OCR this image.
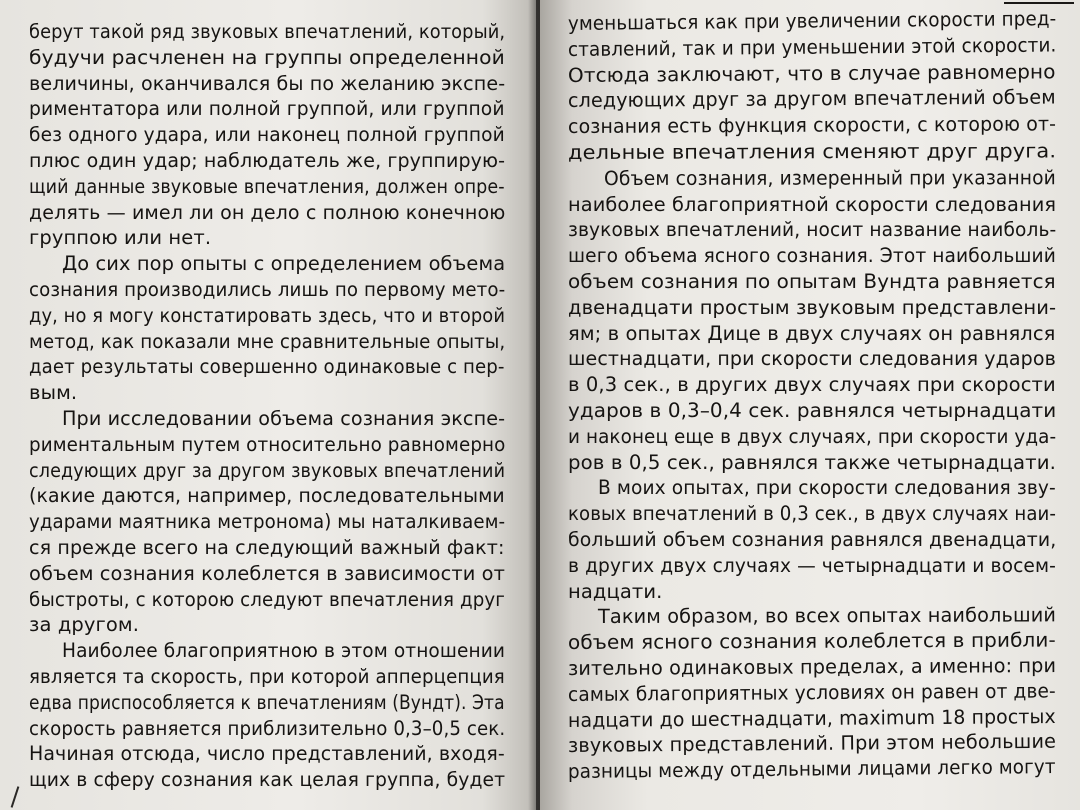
берут такой ряд звуковых впечатлений, который,

будучи расчленен на группы определенной

величины, оканчивался бы по желанию экспе-

риментатора или полной группой, или группой

без одного удара, или наконец полной группой

плюс один удар; наблюдатель же, группирую-

щий данные звуковые впечатления, должен опре-

делять — имел ли он дело с полною конечною

группою или нет.

До сих пор опыты с определением объема

сознания производились лишь по первому мето-

ду, но я могу констатировать здесь, что и второй

метод, как показали мне сравнительные опыты,

дает результаты совершенно одинаковые с пер-

вым.

При исследовании объема сознания экспе-

риментальным путем относительно равномерно

следующих друг за другом звуковых впечатлений

(какие даются, например, последовательными

ударами маятника метронома) мы наталкиваем-

ся прежде всего на следующий важный факт:

объем сознания колеблется в зависимости от

быстроты, с которою следуют впечатления друг

за другом.

Наиболее благоприятною в этом отношении

является та скорость, при которой апперцепция

едва приспособляется к впечатлениям (Вундт). Эта

скорость равняется приблизительно 0,3–0,5 сек.

Начиная отсюда, число представлений, входя-

щих в сферу сознания как целая группа, будет

уменьшаться как при увеличении скорости пред-

ставлений, так и при уменьшении этой скорости.

Отсюда заключают, что в случае равномерно

следующих друг за другом впечатлений объем

сознания есть функция скорости, с которою от-

дельные впечатления сменяют друг друга.

Объем сознания, измеренный при указанной

наиболее благоприятной скорости следования

звуковых впечатлений, носит название наиболь-

шего объема ясного сознания. Этот наибольший

объем сознания по опытам Вундта равняется

двенадцати простым звуковым представлени-

ям; в опытах Дице в двух случаях он равнялся

шестнадцати, при скорости следования ударов

в 0,3 сек., в других двух случаях при скорости

ударов в 0,3–0,4 сек. равнялся четырнадцати

и наконец еще в двух случаях, при скорости уда-

ров в 0,5 сек., равнялся также четырнадцати.

В моих опытах, при скорости следования зву-

ковых впечатлений в 0,3 сек., в двух случаях наи-

больший объем сознания равнялся двенадцати,

в других двух случаях — четырнадцати и восем-

надцати.

Таким образом, во всех опытах наибольший

объем ясного сознания колеблется в прибли-

зительно одинаковых пределах, а именно: при

самых благоприятных условиях он равен от две-

надцати до шестнадцати, maximum 18 простых

звуковых представлений. При этом небольшие

разницы между отдельными лицами легко могут
